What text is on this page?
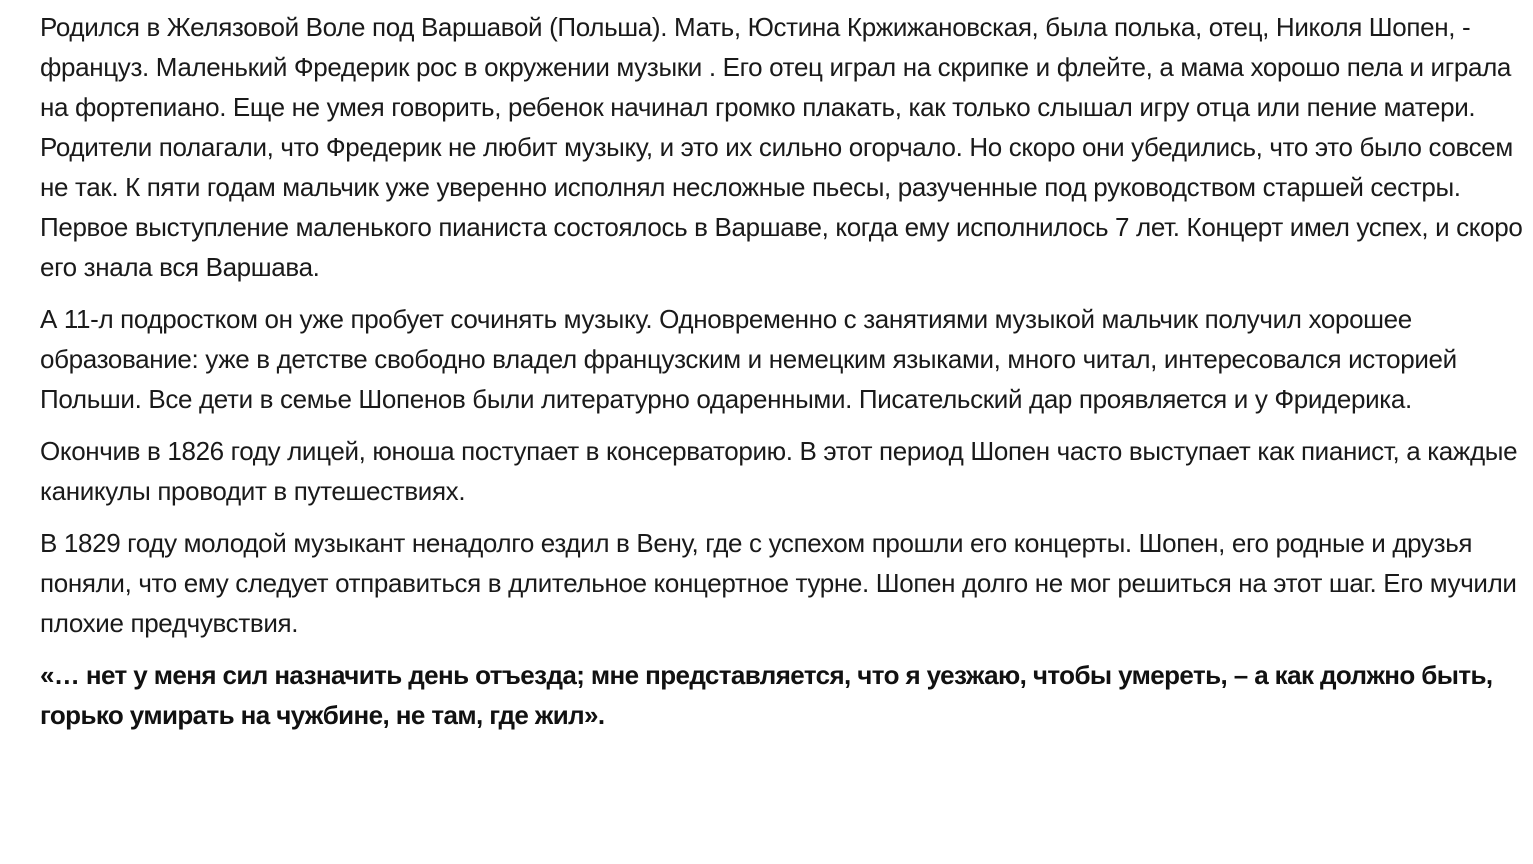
Родился в Желязовой Воле под Варшавой (Польша). Мать, Юстина Кржижановская, была полька, отец, Николя Шопен, - француз. Маленький Фредерик рос в окружении музыки . Его отец играл на скрипке и флейте, а мама хорошо пела и играла на фортепиано. Еще не умея говорить, ребенок начинал громко плакать, как только слышал игру отца или пение матери. Родители полагали, что Фредерик не любит музыку, и это их сильно огорчало. Но скоро они убедились, что это было совсем не так. К пяти годам мальчик уже уверенно исполнял несложные пьесы, разученные под руководством старшей сестры. Первое выступление маленького пианиста состоялось в Варшаве, когда ему исполнилось 7 лет. Концерт имел успех, и скоро его знала вся Варшава.

А 11-л подростком он уже пробует сочинять музыку. Одновременно с занятиями музыкой мальчик получил хорошее образование: уже в детстве свободно владел французским и немецким языками, много читал, интересовался историей Польши. Все дети в семье Шопенов были литературно одаренными. Писательский дар проявляется и у Фридерика.

Окончив в 1826 году лицей, юноша поступает в консерваторию. В этот период Шопен часто выступает как пианист, а каждые каникулы проводит в путешествиях.

В 1829 году молодой музыкант ненадолго ездил в Вену, где с успехом прошли его концерты. Шопен, его родные и друзья поняли, что ему следует отправиться в длительное концертное турне. Шопен долго не мог решиться на этот шаг. Его мучили плохие предчувствия.

«… нет у меня сил назначить день отъезда; мне представляется, что я уезжаю, чтобы умереть, – а как должно быть, горько умирать на чужбине, не там, где жил».
